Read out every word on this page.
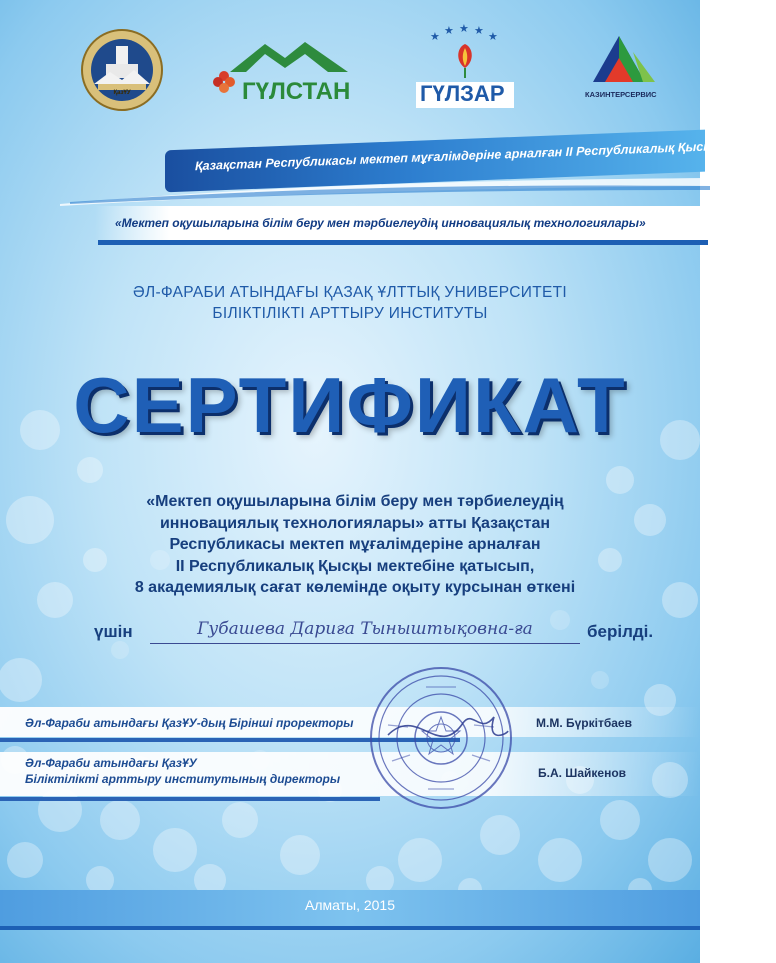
ҚазҰУ	ГҮЛСТАН
★ ★ ★ ★ ★
ГҮЛЗАР	КАЗИНТЕРСЕРВИС
Қазақстан Республикасы мектеп мұғалімдеріне арналған II Республикалық Қысқы мектебі
«Мектеп оқушыларына білім беру мен тәрбиелеудің инновациялық технологиялары»
ӘЛ-ФАРАБИ АТЫНДАҒЫ ҚАЗАҚ ҰЛТТЫҚ УНИВЕРСИТЕТІ
БІЛІКТІЛІКТІ АРТТЫРУ ИНСТИТУТЫ
СЕРТИФИКАТ
«Мектеп оқушыларына білім беру мен тәрбиелеудің
инновациялық технологиялары» атты Қазақстан
Республикасы мектеп мұғалімдеріне арналған
II Республикалық Қысқы мектебіне қатысып,
8 академиялық сағат көлемінде оқыту курсынан өткені
үшін	Губашева Дариға Тыныштықовна-ға	берілді.
Әл-Фараби атындағы ҚазҰУ-дың Бірінші проректоры	М.М. Бүркітбаев
Әл-Фараби атындағы ҚазҰУ
Біліктілікті арттыру институтының директоры	Б.А. Шайкенов
Алматы, 2015
